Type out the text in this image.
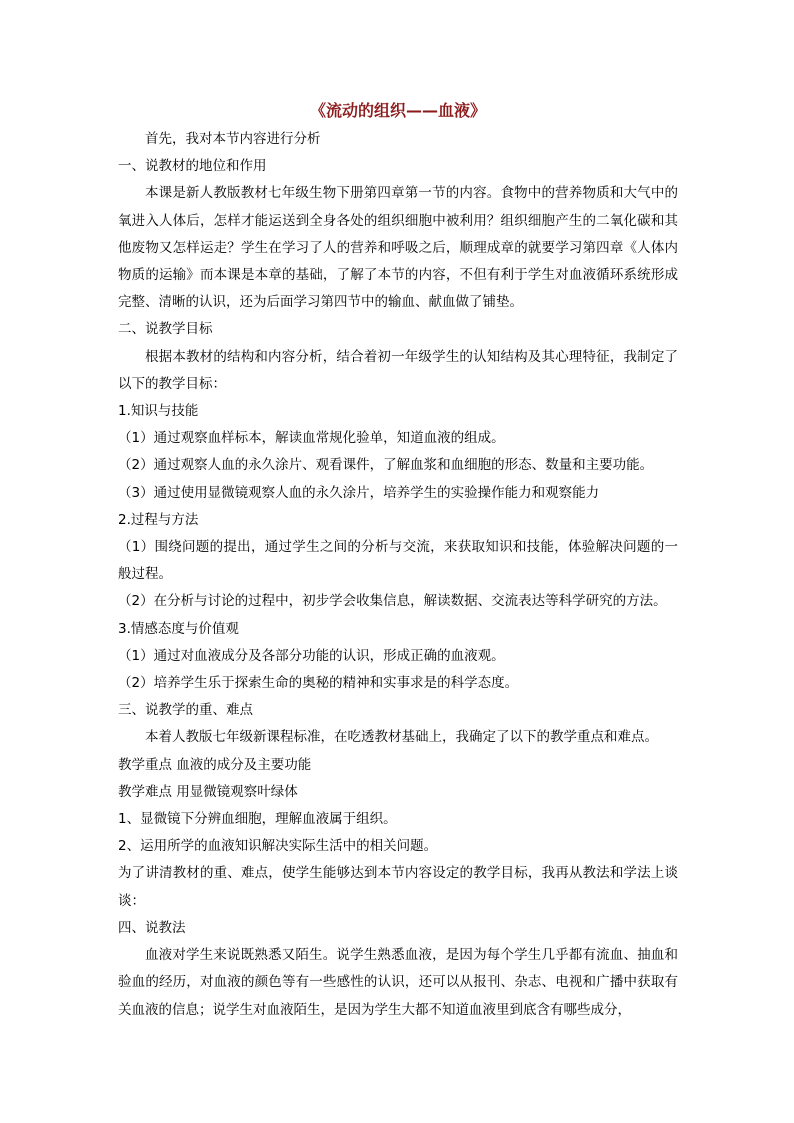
《流动的组织——血液》

首先，我对本节内容进行分析

一、说教材的地位和作用

本课是新人教版教材七年级生物下册第四章第一节的内容。食物中的营养物质和大气中的氧进入人体后，怎样才能运送到全身各处的组织细胞中被利用？组织细胞产生的二氧化碳和其他废物又怎样运走？学生在学习了人的营养和呼吸之后，顺理成章的就要学习第四章《人体内物质的运输》而本课是本章的基础，了解了本节的内容，不但有利于学生对血液循环系统形成完整、清晰的认识，还为后面学习第四节中的输血、献血做了铺垫。

二、说教学目标

根据本教材的结构和内容分析，结合着初一年级学生的认知结构及其心理特征，我制定了以下的教学目标：

1.知识与技能

（1）通过观察血样标本，解读血常规化验单，知道血液的组成。

（2）通过观察人血的永久涂片、观看课件，了解血浆和血细胞的形态、数量和主要功能。

（3）通过使用显微镜观察人血的永久涂片，培养学生的实验操作能力和观察能力

2.过程与方法

（1）围绕问题的提出，通过学生之间的分析与交流，来获取知识和技能，体验解决问题的一般过程。

（2）在分析与讨论的过程中，初步学会收集信息，解读数据、交流表达等科学研究的方法。

3.情感态度与价值观

（1）通过对血液成分及各部分功能的认识，形成正确的血液观。

（2）培养学生乐于探索生命的奥秘的精神和实事求是的科学态度。

三、说教学的重、难点

本着人教版七年级新课程标准，在吃透教材基础上，我确定了以下的教学重点和难点。

教学重点 血液的成分及主要功能

教学难点 用显微镜观察叶绿体

1、显微镜下分辨血细胞，理解血液属于组织。

2、运用所学的血液知识解决实际生活中的相关问题。

为了讲清教材的重、难点，使学生能够达到本节内容设定的教学目标，我再从教法和学法上谈谈：

四、说教法

血液对学生来说既熟悉又陌生。说学生熟悉血液，是因为每个学生几乎都有流血、抽血和验血的经历，对血液的颜色等有一些感性的认识，还可以从报刊、杂志、电视和广播中获取有关血液的信息；说学生对血液陌生，是因为学生大都不知道血液里到底含有哪些成分，
